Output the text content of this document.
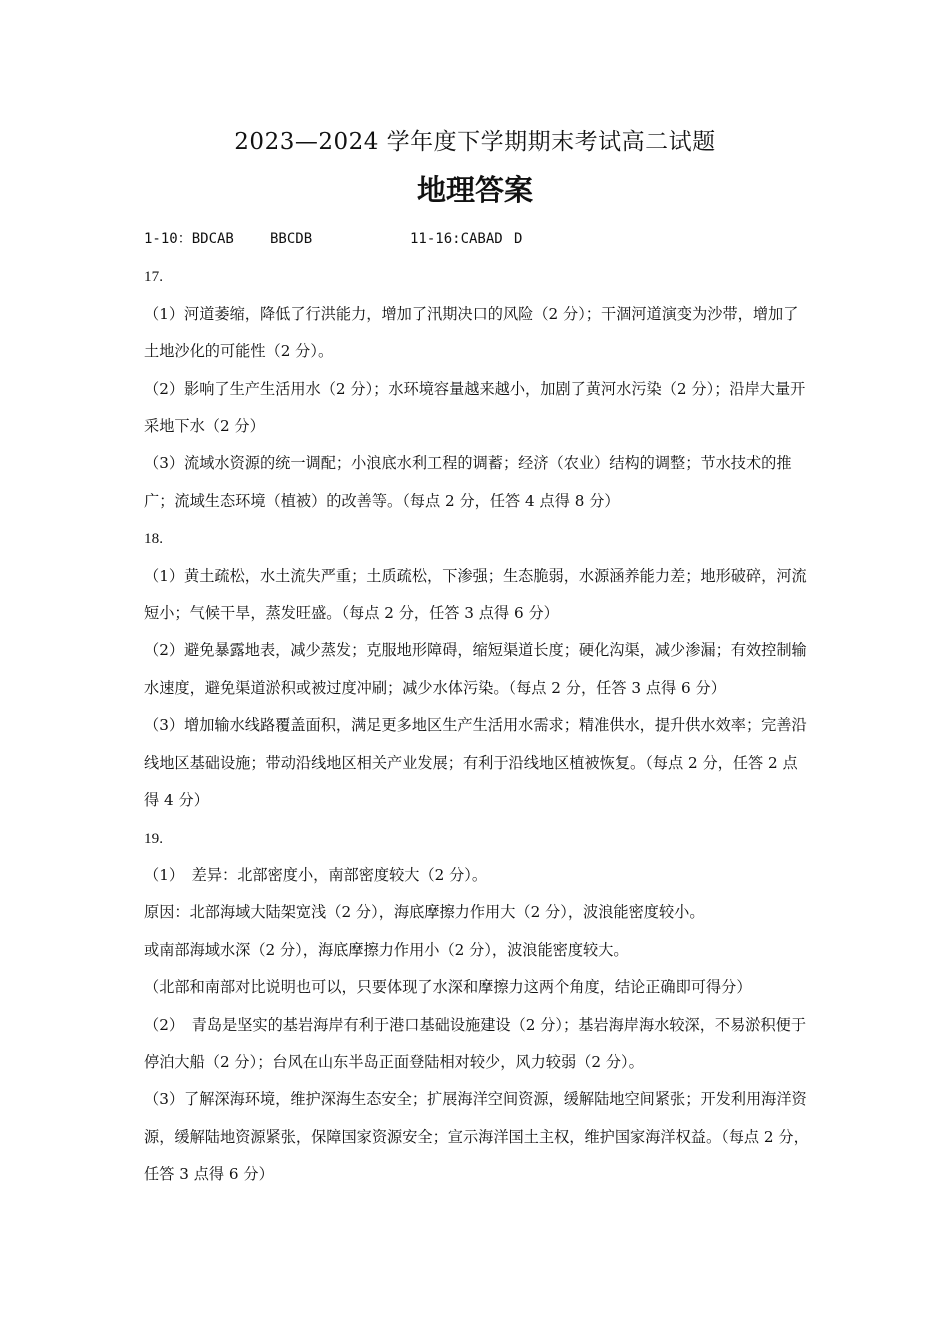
2023—2024 学年度下学期期末考试高二试题
地理答案

1-10：BDCAB	BBCDB	11-16:CABAD D

17.

（1）河道萎缩，降低了行洪能力，增加了汛期决口的风险（2 分）；干涸河道演变为沙带，增加了土地沙化的可能性（2 分）。

（2）影响了生产生活用水（2 分）；水环境容量越来越小，加剧了黄河水污染（2 分）；沿岸大量开采地下水（2 分）

（3）流域水资源的统一调配；小浪底水利工程的调蓄；经济（农业）结构的调整；节水技术的推广；流域生态环境（植被）的改善等。（每点 2 分，任答 4 点得 8 分）

18.

（1）黄土疏松，水土流失严重；土质疏松，下渗强；生态脆弱，水源涵养能力差；地形破碎，河流短小；气候干旱，蒸发旺盛。（每点 2 分，任答 3 点得 6 分）

（2）避免暴露地表，减少蒸发；克服地形障碍，缩短渠道长度；硬化沟渠，减少渗漏；有效控制输水速度，避免渠道淤积或被过度冲刷；减少水体污染。（每点 2 分，任答 3 点得 6 分）

（3）增加输水线路覆盖面积，满足更多地区生产生活用水需求；精准供水，提升供水效率；完善沿线地区基础设施；带动沿线地区相关产业发展；有利于沿线地区植被恢复。（每点 2 分，任答 2 点得 4 分）

19.

（1）　差异：北部密度小，南部密度较大（2 分）。

原因：北部海域大陆架宽浅（2 分），海底摩擦力作用大（2 分），波浪能密度较小。

或南部海域水深（2 分），海底摩擦力作用小（2 分），波浪能密度较大。

（北部和南部对比说明也可以，只要体现了水深和摩擦力这两个角度，结论正确即可得分）

（2）　青岛是坚实的基岩海岸有利于港口基础设施建设（2 分）；基岩海岸海水较深，不易淤积便于停泊大船（2 分）；台风在山东半岛正面登陆相对较少，风力较弱（2 分）。

（3）了解深海环境，维护深海生态安全；扩展海洋空间资源，缓解陆地空间紧张；开发利用海洋资源，缓解陆地资源紧张，保障国家资源安全；宣示海洋国土主权，维护国家海洋权益。（每点 2 分，任答 3 点得 6 分）
